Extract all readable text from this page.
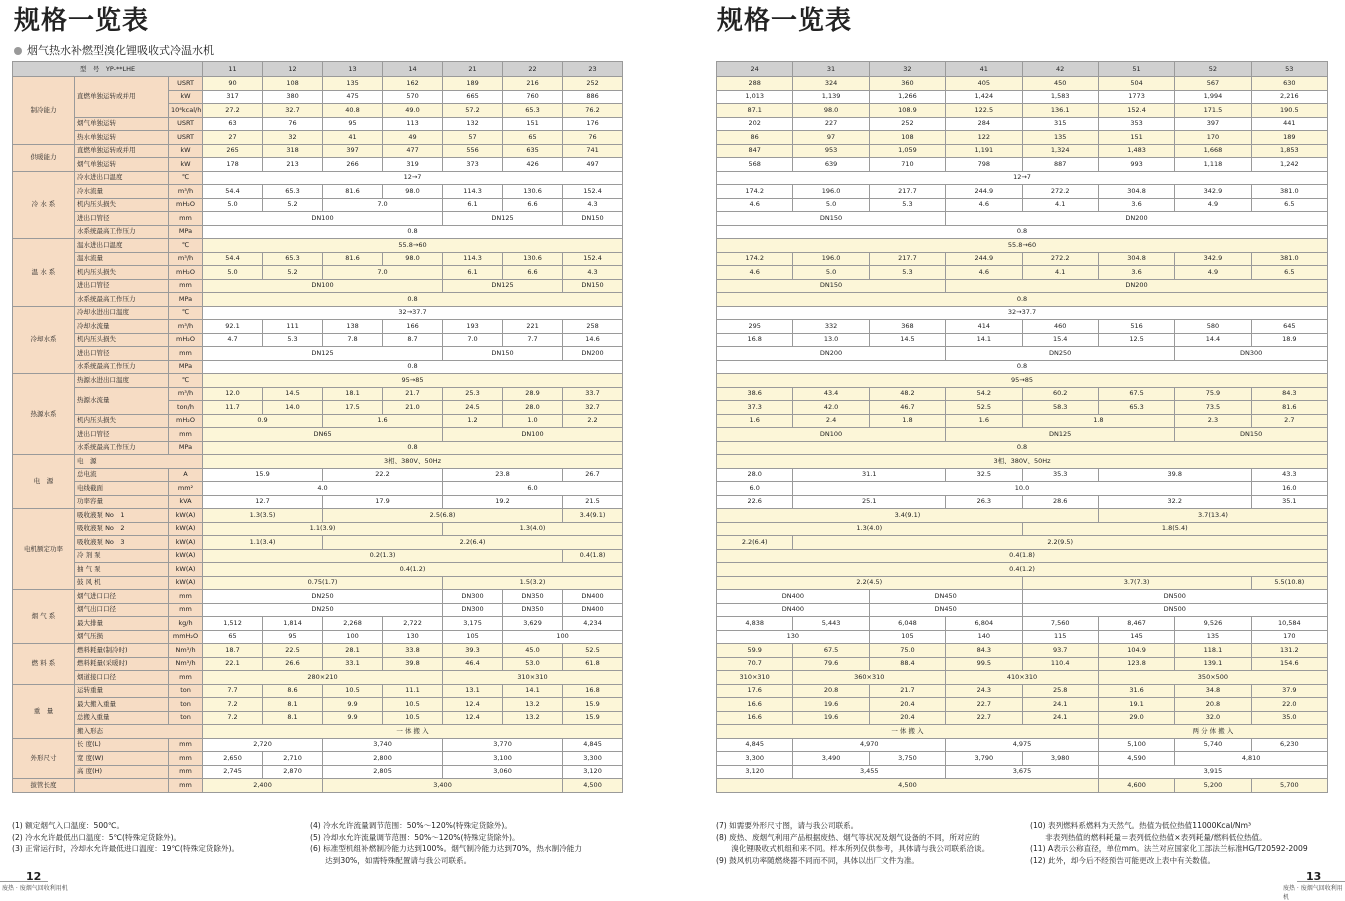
规格一览表	规格一览表
烟气热水补燃型溴化锂吸收式冷温水机
型　号　YP-**LHE			11	12	13	14	21	22	23
制冷能力	直燃单独运转或并用	USRT	90	108	135	162	189	216	252
		kW	317	380	475	570	665	760	886
		10⁴kcal/h	27.2	32.7	40.8	49.0	57.2	65.3	76.2
	烟气单独运转	USRT	63	76	95	113	132	151	176
	热水单独运转	USRT	27	32	41	49	57	65	76
供暖能力	直燃单独运转或并用	kW	265	318	397	477	556	635	741
	烟气单独运转	kW	178	213	266	319	373	426	497
冷 水 系	冷水进出口温度	℃	12→7						
	冷水流量	m³/h	54.4	65.3	81.6	98.0	114.3	130.6	152.4
	机内压头损失	mH₂O	5.0	5.2	7.0		6.1	6.6	4.3
	进出口管径	mm	DN100				DN125		DN150
	水系统最高工作压力	MPa	0.8						
温 水 系	温水进出口温度	℃	55.8→60						
	温水流量	m³/h	54.4	65.3	81.6	98.0	114.3	130.6	152.4
	机内压头损失	mH₂O	5.0	5.2	7.0		6.1	6.6	4.3
	进出口管径	mm	DN100				DN125		DN150
	水系统最高工作压力	MPa	0.8						
冷却水系	冷却水进出口温度	℃	32→37.7						
	冷却水流量	m³/h	92.1	111	138	166	193	221	258
	机内压头损失	mH₂O	4.7	5.3	7.8	8.7	7.0	7.7	14.6
	进出口管径	mm	DN125				DN150		DN200
	水系统最高工作压力	MPa	0.8						
热源水系	热源水进出口温度	℃	95→85						
	热源水流量	m³/h	12.0	14.5	18.1	21.7	25.3	28.9	33.7
		ton/h	11.7	14.0	17.5	21.0	24.5	28.0	32.7
	机内压头损失	mH₂O	0.9		1.6		1.2	1.0	2.2
	进出口管径	mm	DN65				DN100		
	水系统最高工作压力	MPa	0.8						
电　源	电　源		3相、380V、50Hz						
	总电流	A	15.9		22.2		23.8		26.7
	电线截面	mm²	4.0				6.0		
	功率容量	kVA	12.7		17.9		19.2		21.5
电机额定功率	吸收液泵 No　1	kW(A)	1.3(3.5)		2.5(6.8)				3.4(9.1)
	吸收液泵 No　2	kW(A)	1.1(3.9)				1.3(4.0)		
	吸收液泵 No　3	kW(A)	1.1(3.4)		2.2(6.4)				
	冷 剂 泵	kW(A)	0.2(1.3)						0.4(1.8)
	抽 气 泵	kW(A)	0.4(1.2)						
	鼓 风 机	kW(A)	0.75(1.7)				1.5(3.2)		
烟 气 系	烟气进口口径	mm	DN250				DN300	DN350	DN400
	烟气出口口径	mm	DN250				DN300	DN350	DN400
	最大排量	kg/h	1,512	1,814	2,268	2,722	3,175	3,629	4,234
	烟气压损	mmH₂O	65	95	100	130	105	100	
燃 料 系	燃料耗量(制冷时)	Nm³/h	18.7	22.5	28.1	33.8	39.3	45.0	52.5
	燃料耗量(采暖时)	Nm³/h	22.1	26.6	33.1	39.8	46.4	53.0	61.8
	烟道接口口径	mm	280×210				310×310		
重　量	运转重量	ton	7.7	8.6	10.5	11.1	13.1	14.1	16.8
	最大搬入重量	ton	7.2	8.1	9.9	10.5	12.4	13.2	15.9
	总搬入重量	ton	7.2	8.1	9.9	10.5	12.4	13.2	15.9
	搬入形态		一 体 搬 入						
外形尺寸	长 度(L)	mm	2,720		3,740		3,770		4,845
	宽 度(W)	mm	2,650	2,710	2,800		3,100		3,300
	高 度(H)	mm	2,745	2,870	2,805		3,060		3,120
拔管长度		mm	2,400		3,400				4,500
24	31	32	41	42	51	52	53
288	324	360	405	450	504	567	630
1,013	1,139	1,266	1,424	1,583	1773	1,994	2,216
87.1	98.0	108.9	122.5	136.1	152.4	171.5	190.5
202	227	252	284	315	353	397	441
86	97	108	122	135	151	170	189
847	953	1,059	1,191	1,324	1,483	1,668	1,853
568	639	710	798	887	993	1,118	1,242
12→7							
174.2	196.0	217.7	244.9	272.2	304.8	342.9	381.0
4.6	5.0	5.3	4.6	4.1	3.6	4.9	6.5
DN150			DN200				
0.8							
55.8→60							
174.2	196.0	217.7	244.9	272.2	304.8	342.9	381.0
4.6	5.0	5.3	4.6	4.1	3.6	4.9	6.5
DN150			DN200				
0.8							
32→37.7							
295	332	368	414	460	516	580	645
16.8	13.0	14.5	14.1	15.4	12.5	14.4	18.9
DN200			DN250			DN300	
0.8							
95→85							
38.6	43.4	48.2	54.2	60.2	67.5	75.9	84.3
37.3	42.0	46.7	52.5	58.3	65.3	73.5	81.6
1.6	2.4	1.8	1.6	1.8		2.3	2.7
DN100			DN125			DN150	
0.8							
3相、380V、50Hz							
28.0	31.1		32.5	35.3	39.8		43.3
6.0	10.0						16.0
22.6	25.1		26.3	28.6	32.2		35.1
3.4(9.1)					3.7(13.4)		
1.3(4.0)				1.8(5.4)			
2.2(6.4)	2.2(9.5)						
0.4(1.8)							
0.4(1.2)							
2.2(4.5)				3.7(7.3)			5.5(10.8)
DN400		DN450		DN500			
DN400		DN450		DN500			
4,838	5,443	6,048	6,804	7,560	8,467	9,526	10,584
130		105	140	115	145	135	170
59.9	67.5	75.0	84.3	93.7	104.9	118.1	131.2
70.7	79.6	88.4	99.5	110.4	123.8	139.1	154.6
310×310	360×310		410×310		350×500		
17.6	20.8	21.7	24.3	25.8	31.6	34.8	37.9
16.6	19.6	20.4	22.7	24.1	19.1	20.8	22.0
16.6	19.6	20.4	22.7	24.1	29.0	32.0	35.0
一 体 搬 入					两 分 体 搬 入		
4,845	4,970		4,975		5,100	5,740	6,230
3,300	3,490	3,750	3,790	3,980	4,590	4,810	
3,120	3,455		3,675		3,915		
4,500					4,600	5,200	5,700
(1) 额定烟气入口温度：500℃。
(2) 冷水允许最低出口温度：5℃(特殊定货除外)。
(3) 正常运行时，冷却水允许最低进口温度：19℃(特殊定货除外)。
(4) 冷水允许流量调节范围：50%～120%(特殊定货除外)。
(5) 冷却水允许流量调节范围：50%～120%(特殊定货除外)。
(6) 标准型机组补燃制冷能力达到100%。烟气制冷能力达到70%，热水制冷能力
　　达到30%，如需特殊配置请与我公司联系。
(7) 如需要外形尺寸图，请与我公司联系。
(8) 废热、废烟气利用产品根据废热、烟气等状况及烟气设备的不同，所对应的
　　溴化锂吸收式机组和来不同。样本所列仅供参考，具体请与我公司联系洽谈。
(9) 鼓风机功率随燃烧器不同而不同，具体以出厂文件为准。
(10) 表列燃料系燃料为天然气。热值为低位热值11000Kcal/Nm³
　　非表列热值的燃料耗量＝表列低位热值×表列耗量/燃料低位热值。
(11) A表示公称直径，单位mm。法兰对应国家化工部法兰标准HG/T20592-2009
(12) 此外，却今后不经预告可能更改上表中有关数值。
12	13
废热 · 废烟气回收利用机	废热 · 废烟气回收利用机
